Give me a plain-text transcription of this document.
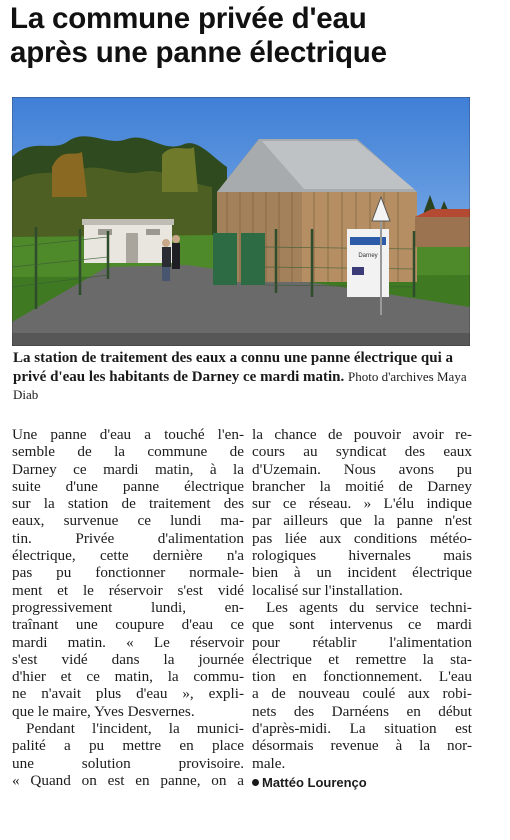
La commune privée d'eau
après une panne électrique
Darney
La station de traitement des eaux a connu une panne électrique qui a privé d'eau les habitants de Darney ce mardi matin. Photo d'archives Maya Diab
Une panne d'eau a touché l'en-
semble de la commune de
Darney ce mardi matin, à la
suite d'une panne électrique
sur la station de traitement des
eaux, survenue ce lundi ma-
tin. Privée d'alimentation
électrique, cette dernière n'a
pas pu fonctionner normale-
ment et le réservoir s'est vidé
progressivement lundi, en-
traînant une coupure d'eau ce
mardi matin. « Le réservoir
s'est vidé dans la journée
d'hier et ce matin, la commu-
ne n'avait plus d'eau », expli-
que le maire, Yves Desvernes.
Pendant l'incident, la munici-
palité a pu mettre en place
une solution provisoire.
« Quand on est en panne, on a
la chance de pouvoir avoir re-
cours au syndicat des eaux
d'Uzemain. Nous avons pu
brancher la moitié de Darney
sur ce réseau. » L'élu indique
par ailleurs que la panne n'est
pas liée aux conditions météo-
rologiques hivernales mais
bien à un incident électrique
localisé sur l'installation.
Les agents du service techni-
que sont intervenus ce mardi
pour rétablir l'alimentation
électrique et remettre la sta-
tion en fonctionnement. L'eau
a de nouveau coulé aux robi-
nets des Darnéens en début
d'après-midi. La situation est
désormais revenue à la nor-
male.
Mattéo Lourenço
